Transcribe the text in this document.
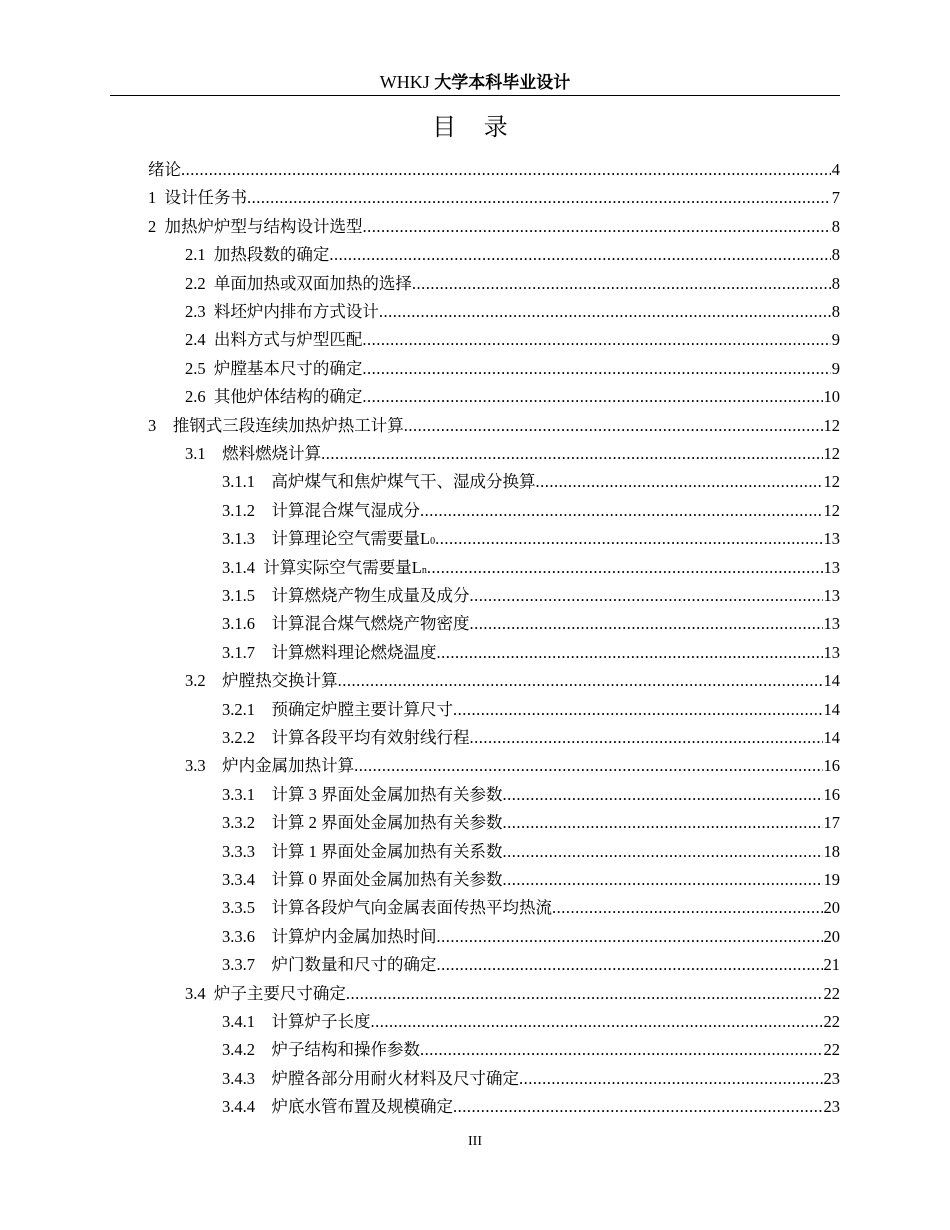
WHKJ 大学本科毕业设计
目 录
绪论 .....	4
1  设计任务书 .....	7
2  加热炉炉型与结构设计选型 .....	8
2.1  加热段数的确定 .....	8
2.2  单面加热或双面加热的选择 .....	8
2.3  料坯炉内排布方式设计 .....	8
2.4  出料方式与炉型匹配 .....	9
2.5  炉膛基本尺寸的确定 .....	9
2.6  其他炉体结构的确定 .....	10
3    推钢式三段连续加热炉热工计算 .....	12
3.1    燃料燃烧计算 .....	12
3.1.1    高炉煤气和焦炉煤气干、湿成分换算 .....	12
3.1.2    计算混合煤气湿成分 .....	12
3.1.3    计算理论空气需要量L 0 .....	13
3.1.4  计算实际空气需要量L n .....	13
3.1.5    计算燃烧产物生成量及成分 .....	13
3.1.6    计算混合煤气燃烧产物密度 .....	13
3.1.7    计算燃料理论燃烧温度 .....	13
3.2    炉膛热交换计算 .....	14
3.2.1    预确定炉膛主要计算尺寸 .....	14
3.2.2    计算各段平均有效射线行程 .....	14
3.3    炉内金属加热计算 .....	16
3.3.1    计算 3 界面处金属加热有关参数 .....	16
3.3.2    计算 2 界面处金属加热有关参数 .....	17
3.3.3    计算 1 界面处金属加热有关系数 .....	18
3.3.4    计算 0 界面处金属加热有关参数 .....	19
3.3.5    计算各段炉气向金属表面传热平均热流 .....	20
3.3.6    计算炉内金属加热时间 .....	20
3.3.7    炉门数量和尺寸的确定 .....	21
3.4  炉子主要尺寸确定 .....	22
3.4.1    计算炉子长度 .....	22
3.4.2    炉子结构和操作参数 .....	22
3.4.3    炉膛各部分用耐火材料及尺寸确定 .....	23
3.4.4    炉底水管布置及规模确定 .....	23
III
